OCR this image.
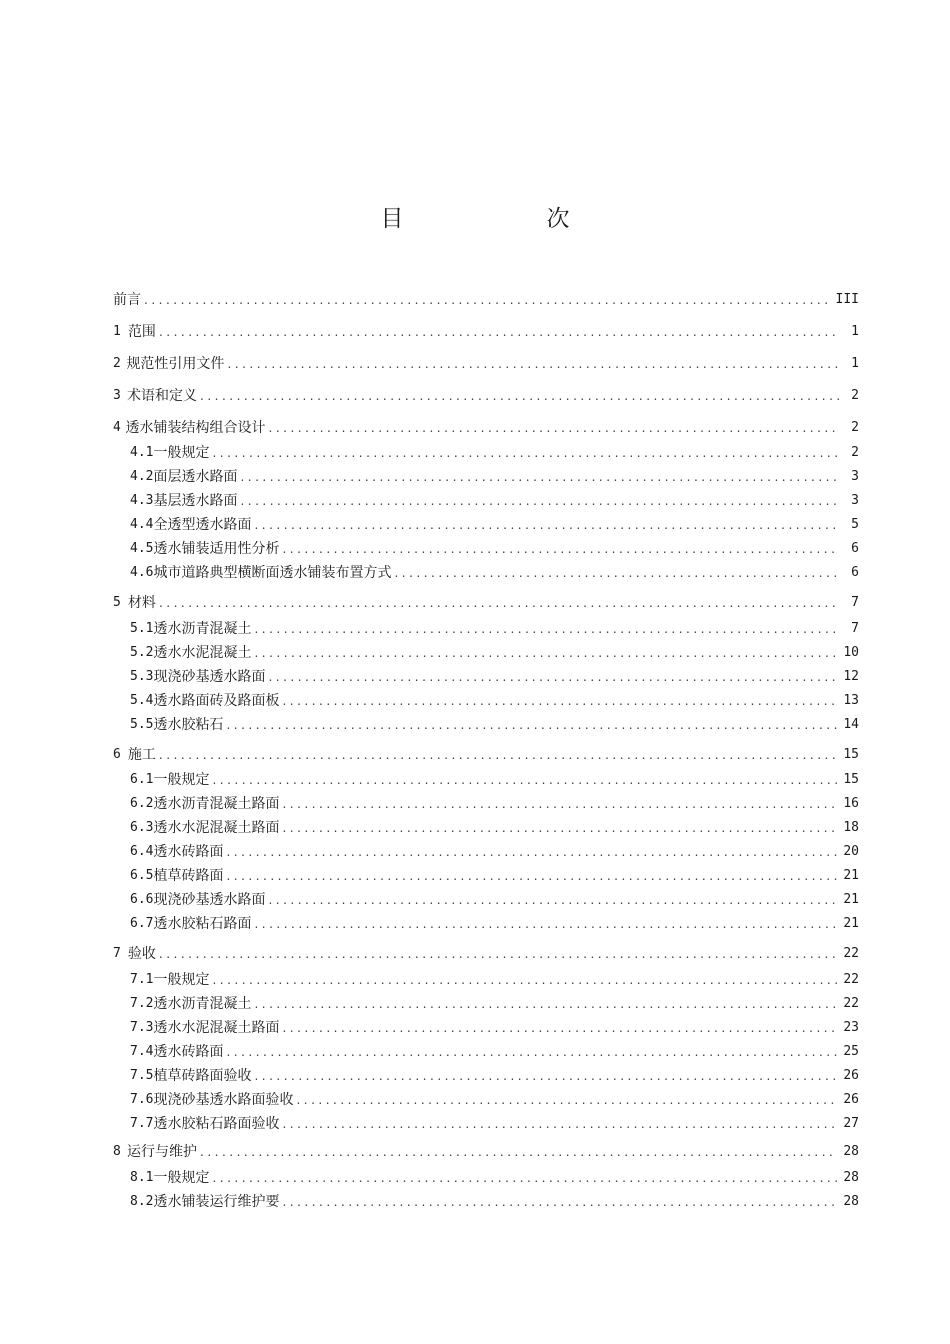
目　次
前言 .....	III
1 范围 .....	1
2 规范性引用文件 .....	1
3 术语和定义 .....	2
4 透水铺装结构组合设计 .....	2
4.1 一般规定 .....	2
4.2 面层透水路面 .....	3
4.3 基层透水路面 .....	3
4.4 全透型透水路面 .....	5
4.5 透水铺装适用性分析 .....	6
4.6 城市道路典型横断面透水铺装布置方式 .....	6
5 材料 .....	7
5.1 透水沥青混凝土 .....	7
5.2 透水水泥混凝土 .....	10
5.3 现浇砂基透水路面 .....	12
5.4 透水路面砖及路面板 .....	13
5.5 透水胶粘石 .....	14
6 施工 .....	15
6.1 一般规定 .....	15
6.2 透水沥青混凝土路面 .....	16
6.3 透水水泥混凝土路面 .....	18
6.4 透水砖路面 .....	20
6.5 植草砖路面 .....	21
6.6 现浇砂基透水路面 .....	21
6.7 透水胶粘石路面 .....	21
7 验收 .....	22
7.1 一般规定 .....	22
7.2 透水沥青混凝土 .....	22
7.3 透水水泥混凝土路面 .....	23
7.4 透水砖路面 .....	25
7.5 植草砖路面验收 .....	26
7.6 现浇砂基透水路面验收 .....	26
7.7 透水胶粘石路面验收 .....	27
8 运行与维护 .....	28
8.1 一般规定 .....	28
8.2 透水铺装运行维护要 .....	28
